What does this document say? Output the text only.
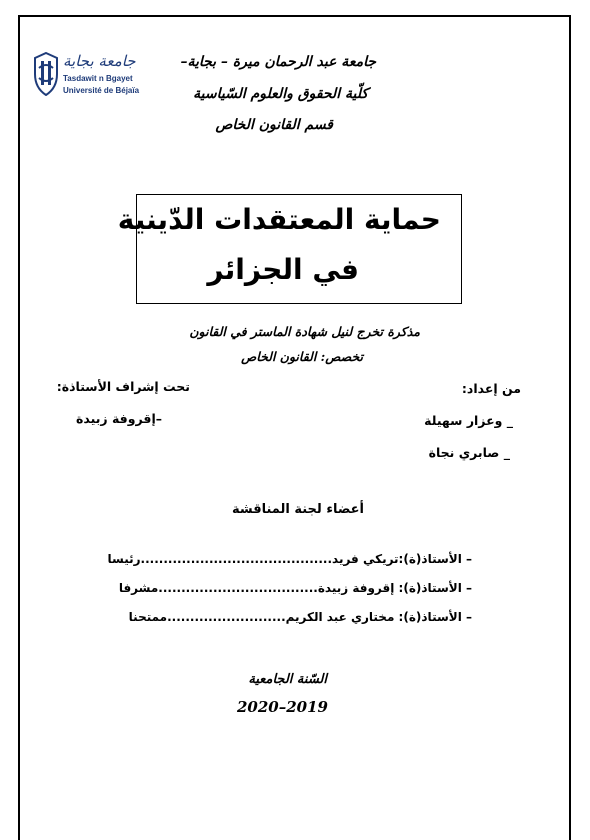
جامعة بجاية
Tasdawit n Bgayet
Université de Béjaïa
جامعة عبد الرحمان ميرة – بجاية–
كلّية الحقوق والعلوم السّياسية
قسم القانون الخاص
حماية المعتقدات الدّينية
في الجزائر
مذكرة تخرج لنيل شهادة الماستر في القانون
تخصص: القانون الخاص
من إعداد:
_ وعزار سهيلة
_ صابري نجاة
تحت إشراف الأستاذة:
–إقروفة زبيدة
أعضاء لجنة المناقشة
– الأستاذ(ة):تريكي فريد..........................................رئيسا
– الأستاذ(ة): إقروفة زبيدة...................................مشرفا
– الأستاذ(ة): مختاري عبد الكريم..........................ممتحنا
السّنة الجامعية
2020–2019
